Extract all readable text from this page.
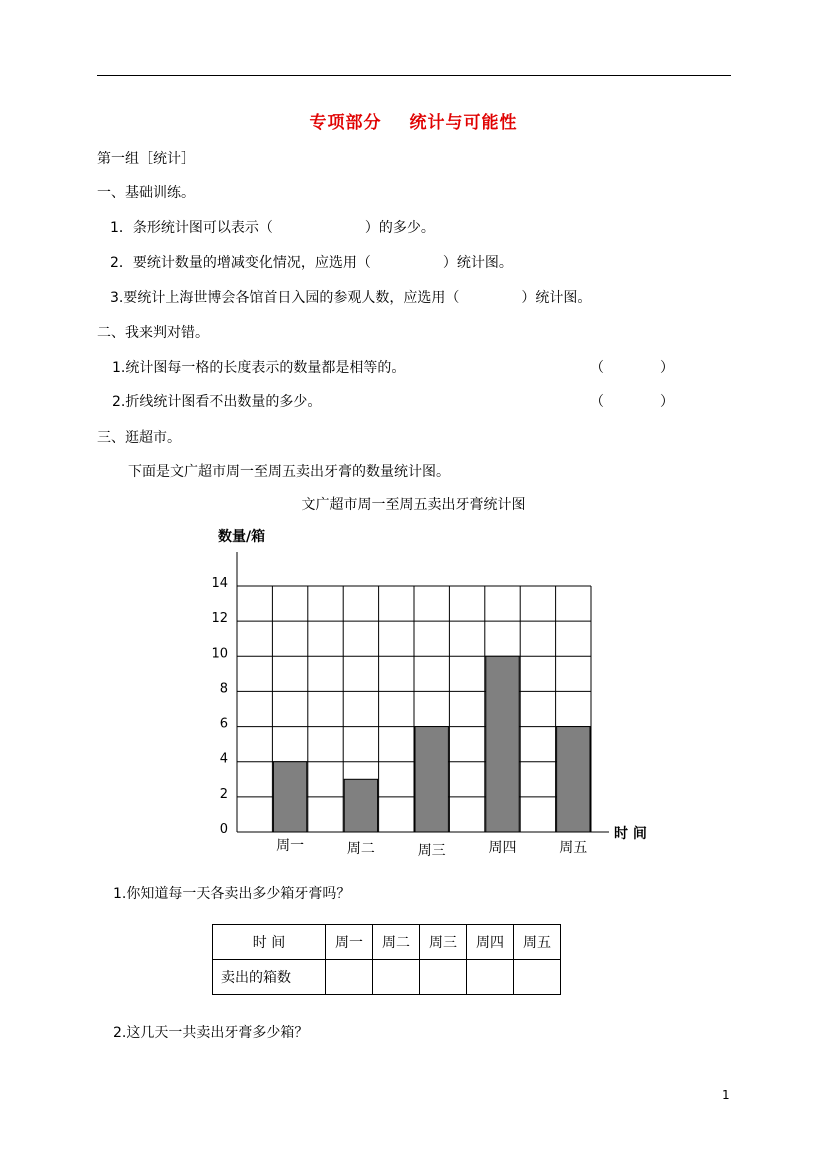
专项部分 统计与可能性
第一组［统计］
一、基础训练。
1．条形统计图可以表示（	）的多少。
2．要统计数量的增减变化情况，应选用（	）统计图。
3.要统计上海世博会各馆首日入园的参观人数，应选用（	）统计图。
二、我来判对错。
1.统计图每一格的长度表示的数量都是相等的。	（	）
2.折线统计图看不出数量的多少。	（	）
三、逛超市。
下面是文广超市周一至周五卖出牙膏的数量统计图。
文广超市周一至周五卖出牙膏统计图
0
2
4
6
8
10
12
14
数量/箱
时 间
周一	周二	周三	周四	周五
1.你知道每一天各卖出多少箱牙膏吗？
时 间	周一	周二	周三	周四	周五
卖出的箱数					
2.这几天一共卖出牙膏多少箱？
1
